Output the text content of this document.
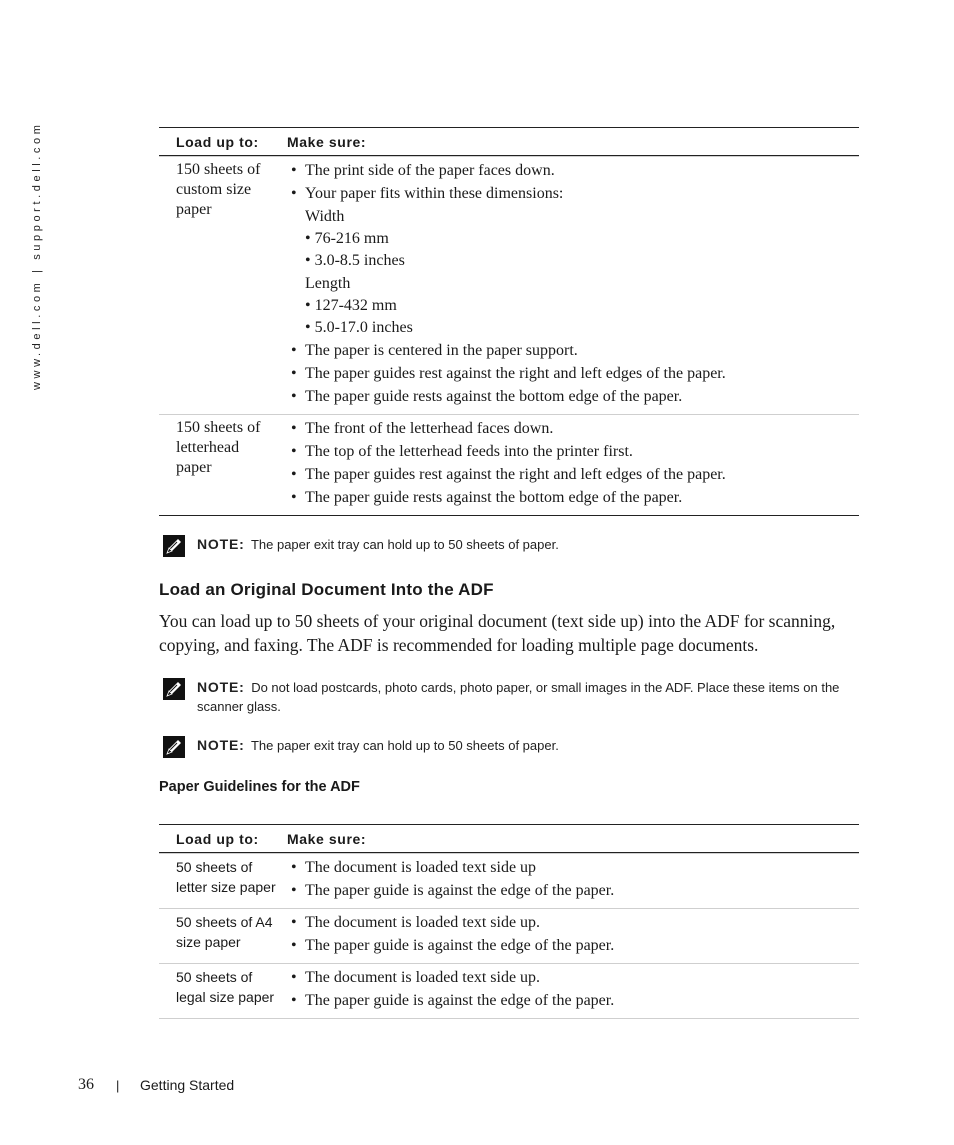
www.dell.com | support.dell.com	Load up to:	Make sure:
150 sheets of custom size paper
• The print side of the paper faces down.
• Your paper fits within these dimensions:
Width
• 76-216 mm
• 3.0-8.5 inches
Length
• 127-432 mm
• 5.0-17.0 inches
• The paper is centered in the paper support.
• The paper guides rest against the right and left edges of the paper.
• The paper guide rests against the bottom edge of the paper.
150 sheets of letterhead paper
• The front of the letterhead faces down.
• The top of the letterhead feeds into the printer first.
• The paper guides rest against the right and left edges of the paper.
• The paper guide rests against the bottom edge of the paper.
NOTE: The paper exit tray can hold up to 50 sheets of paper.
Load an Original Document Into the ADF
You can load up to 50 sheets of your original document (text side up) into the ADF for scanning, copying, and faxing. The ADF is recommended for loading multiple page documents.
NOTE: Do not load postcards, photo cards, photo paper, or small images in the ADF. Place these items on the scanner glass.
NOTE: The paper exit tray can hold up to 50 sheets of paper.
Paper Guidelines for the ADF
Load up to:	Make sure:
50 sheets of letter size paper
• The document is loaded text side up
• The paper guide is against the edge of the paper.
50 sheets of A4 size paper
• The document is loaded text side up.
• The paper guide is against the edge of the paper.
50 sheets of legal size paper
• The document is loaded text side up.
• The paper guide is against the edge of the paper.
36 | Getting Started
